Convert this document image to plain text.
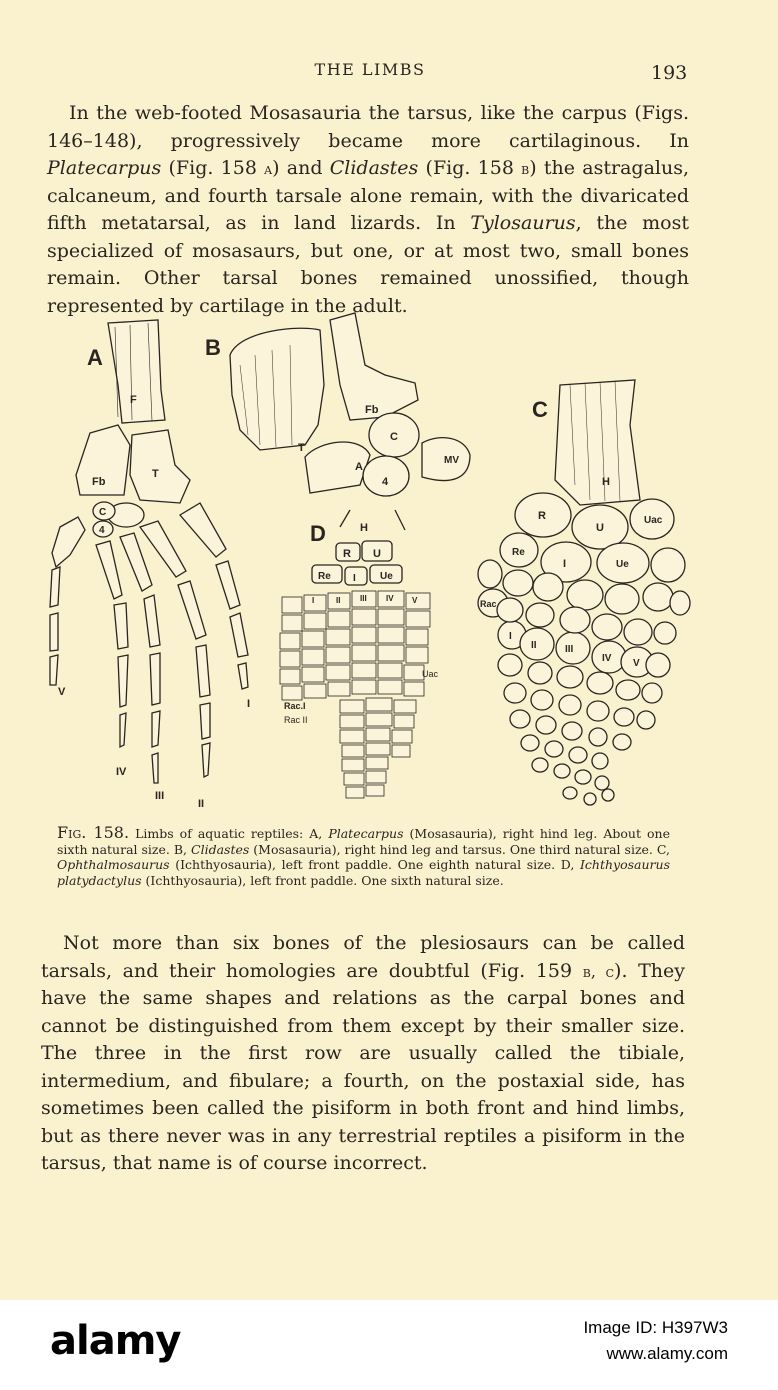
THE LIMBS	193

In the web-footed Mosasauria the tarsus, like the carpus (Figs. 146–148), progressively became more cartilaginous. In Platecarpus (Fig. 158 a) and Clidastes (Fig. 158 b) the astragalus, calcaneum, and fourth tarsale alone remain, with the divaricated fifth metatarsal, as in land lizards. In Tylosaurus, the most specialized of mosasaurs, but one, or at most two, small bones remain. Other tarsal bones remained unossified, though represented by cartilage in the adult.

A	B
C
D
F
Fb
T
C
4
Fb
T
A
C
4
MV
H
R
U
Uac
Re
I	Ue
Rac
I
II	III
IV V
H
R U
Re I Ue
I	II III IV V
Uac
Rac.I
Rac II
V
IV
III
II
I

Fig. 158. Limbs of aquatic reptiles: A, Platecarpus (Mosasauria), right hind leg. About one sixth natural size. B, Clidastes (Mosasauria), right hind leg and tarsus. One third natural size. C, Ophthalmosaurus (Ichthyosauria), left front paddle. One eighth natural size. D, Ichthyosaurus platydactylus (Ichthyosauria), left front paddle. One sixth natural size.

Not more than six bones of the plesiosaurs can be called tarsals, and their homologies are doubtful (Fig. 159 b, c). They have the same shapes and relations as the carpal bones and cannot be distinguished from them except by their smaller size. The three in the first row are usually called the tibiale, intermedium, and fibulare; a fourth, on the postaxial side, has sometimes been called the pisiform in both front and hind limbs, but as there never was in any terrestrial reptiles a pisiform in the tarsus, that name is of course incorrect.

alamy	Image ID: H397W3
www.alamy.com
